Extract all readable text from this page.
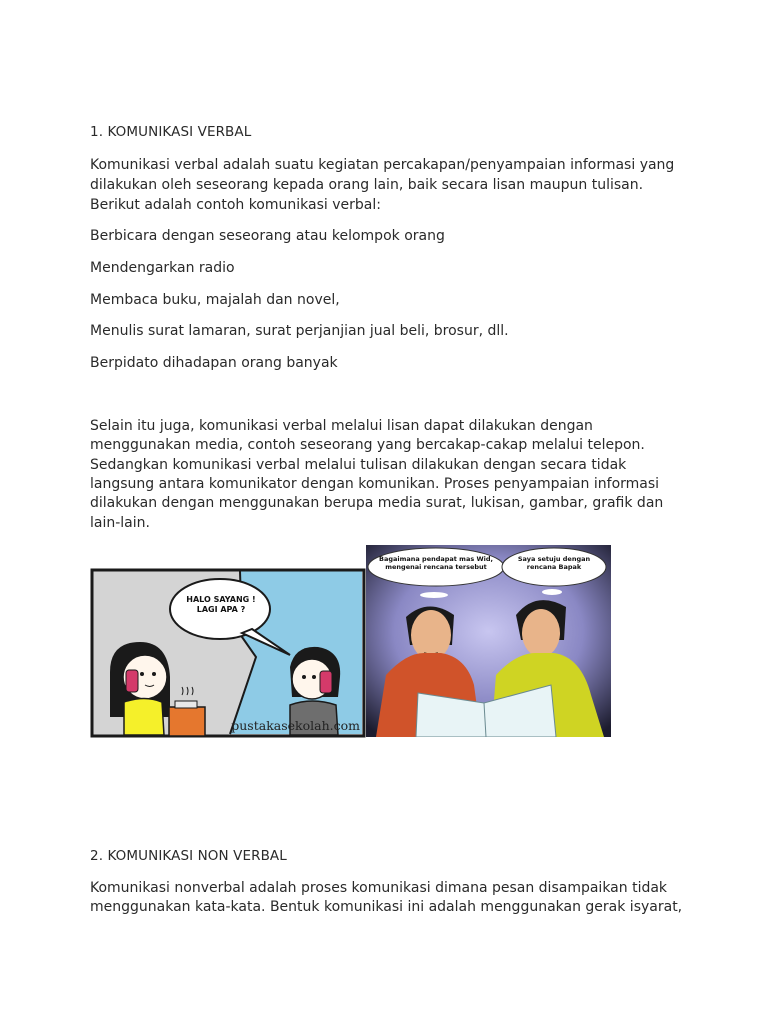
1. KOMUNIKASI VERBAL
Komunikasi verbal adalah suatu kegiatan percakapan/penyampaian informasi yang
dilakukan oleh seseorang kepada orang lain, baik secara lisan maupun tulisan.
Berikut adalah contoh komunikasi verbal:
Berbicara dengan seseorang atau kelompok orang
Mendengarkan radio
Membaca buku, majalah dan novel,
Menulis surat lamaran, surat perjanjian jual beli, brosur, dll.
Berpidato dihadapan orang banyak
Selain itu juga, komunikasi verbal melalui lisan dapat dilakukan dengan
menggunakan media, contoh seseorang yang bercakap-cakap melalui telepon.
Sedangkan komunikasi verbal melalui tulisan dilakukan dengan secara tidak
langsung antara komunikator dengan komunikan. Proses penyampaian informasi
dilakukan dengan menggunakan berupa media surat, lukisan, gambar, grafik dan
lain-lain.
HALO SAYANG !
LAGI APA ?
pustakasekolah.com
Bagaimana pendapat mas Wid,
mengenai rencana tersebut
Saya setuju dengan
rencana Bapak
2. KOMUNIKASI NON VERBAL
Komunikasi nonverbal adalah proses komunikasi dimana pesan disampaikan tidak
menggunakan kata-kata. Bentuk komunikasi ini adalah menggunakan gerak isyarat,
